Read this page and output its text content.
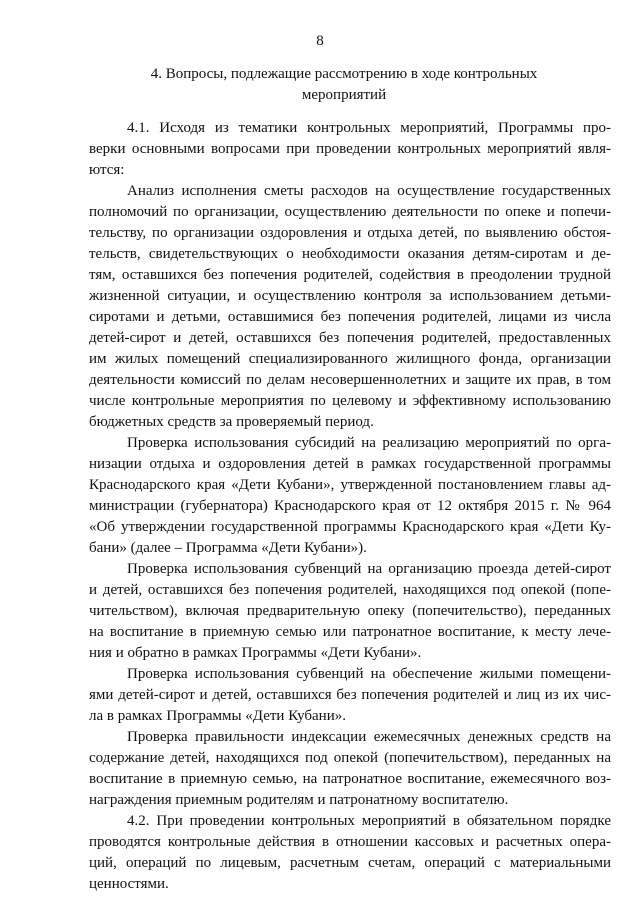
8
4. Вопросы, подлежащие рассмотрению в ходе контрольных мероприятий
4.1. Исходя из тематики контрольных мероприятий, Программы про-
верки основными вопросами при проведении контрольных мероприятий явля-
ются:
Анализ исполнения сметы расходов на осуществление государственных
полномочий по организации, осуществлению деятельности по опеке и попечи-
тельству, по организации оздоровления и отдыха детей, по выявлению обстоя-
тельств, свидетельствующих о необходимости оказания детям-сиротам и де-
тям, оставшихся без попечения родителей, содействия в преодолении трудной
жизненной ситуации, и осуществлению контроля за использованием детьми-
сиротами и детьми, оставшимися без попечения родителей, лицами из числа
детей-сирот и детей, оставшихся без попечения родителей, предоставленных
им жилых помещений специализированного жилищного фонда, организации
деятельности комиссий по делам несовершеннолетних и защите их прав, в том
числе контрольные мероприятия по целевому и эффективному использованию
бюджетных средств за проверяемый период.
Проверка использования субсидий на реализацию мероприятий по орга-
низации отдыха и оздоровления детей в рамках государственной программы
Краснодарского края «Дети Кубани», утвержденной постановлением главы ад-
министрации (губернатора) Краснодарского края от 12 октября 2015 г. № 964
«Об утверждении государственной программы Краснодарского края «Дети Ку-
бани» (далее – Программа «Дети Кубани»).
Проверка использования субвенций на организацию проезда детей-сирот
и детей, оставшихся без попечения родителей, находящихся под опекой (попе-
чительством), включая предварительную опеку (попечительство), переданных
на воспитание в приемную семью или патронатное воспитание, к месту лече-
ния и обратно в рамках Программы «Дети Кубани».
Проверка использования субвенций на обеспечение жилыми помещени-
ями детей-сирот и детей, оставшихся без попечения родителей и лиц из их чис-
ла в рамках Программы «Дети Кубани».
Проверка правильности индексации ежемесячных денежных средств на
содержание детей, находящихся под опекой (попечительством), переданных на
воспитание в приемную семью, на патронатное воспитание, ежемесячного воз-
награждения приемным родителям и патронатному воспитателю.
4.2. При проведении контрольных мероприятий в обязательном порядке
проводятся контрольные действия в отношении кассовых и расчетных опера-
ций, операций по лицевым, расчетным счетам, операций с материальными
ценностями.
